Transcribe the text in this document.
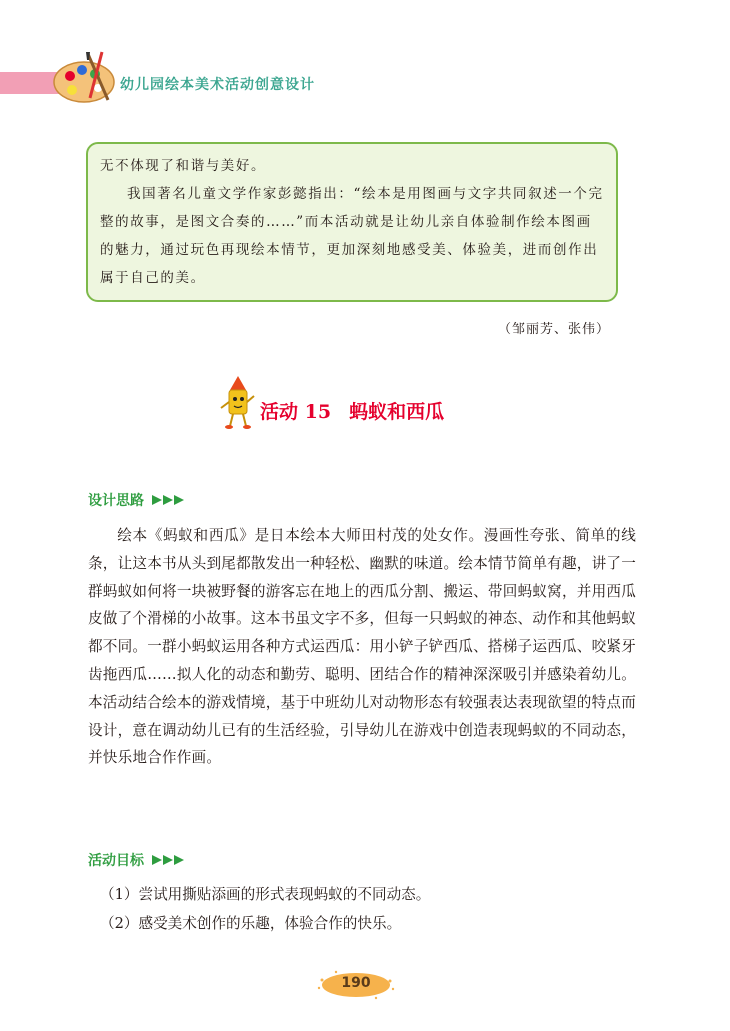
幼儿园绘本美术活动创意设计

无不体现了和谐与美好。

我国著名儿童文学作家彭懿指出：“绘本是用图画与文字共同叙述一个完整的故事，是图文合奏的……”而本活动就是让幼儿亲自体验制作绘本图画的魅力，通过玩色再现绘本情节，更加深刻地感受美、体验美，进而创作出属于自己的美。

（邹丽芳、张伟）
活动 15 蚂蚁和西瓜
设计思路

绘本《蚂蚁和西瓜》是日本绘本大师田村茂的处女作。漫画性夸张、简单的线条，让这本书从头到尾都散发出一种轻松、幽默的味道。绘本情节简单有趣，讲了一群蚂蚁如何将一块被野餐的游客忘在地上的西瓜分割、搬运、带回蚂蚁窝，并用西瓜皮做了个滑梯的小故事。这本书虽文字不多，但每一只蚂蚁的神态、动作和其他蚂蚁都不同。一群小蚂蚁运用各种方式运西瓜：用小铲子铲西瓜、搭梯子运西瓜、咬紧牙齿拖西瓜……拟人化的动态和勤劳、聪明、团结合作的精神深深吸引并感染着幼儿。本活动结合绘本的游戏情境，基于中班幼儿对动物形态有较强表达表现欲望的特点而设计，意在调动幼儿已有的生活经验，引导幼儿在游戏中创造表现蚂蚁的不同动态，并快乐地合作作画。

活动目标

（1）尝试用撕贴添画的形式表现蚂蚁的不同动态。

（2）感受美术创作的乐趣，体验合作的快乐。

190
